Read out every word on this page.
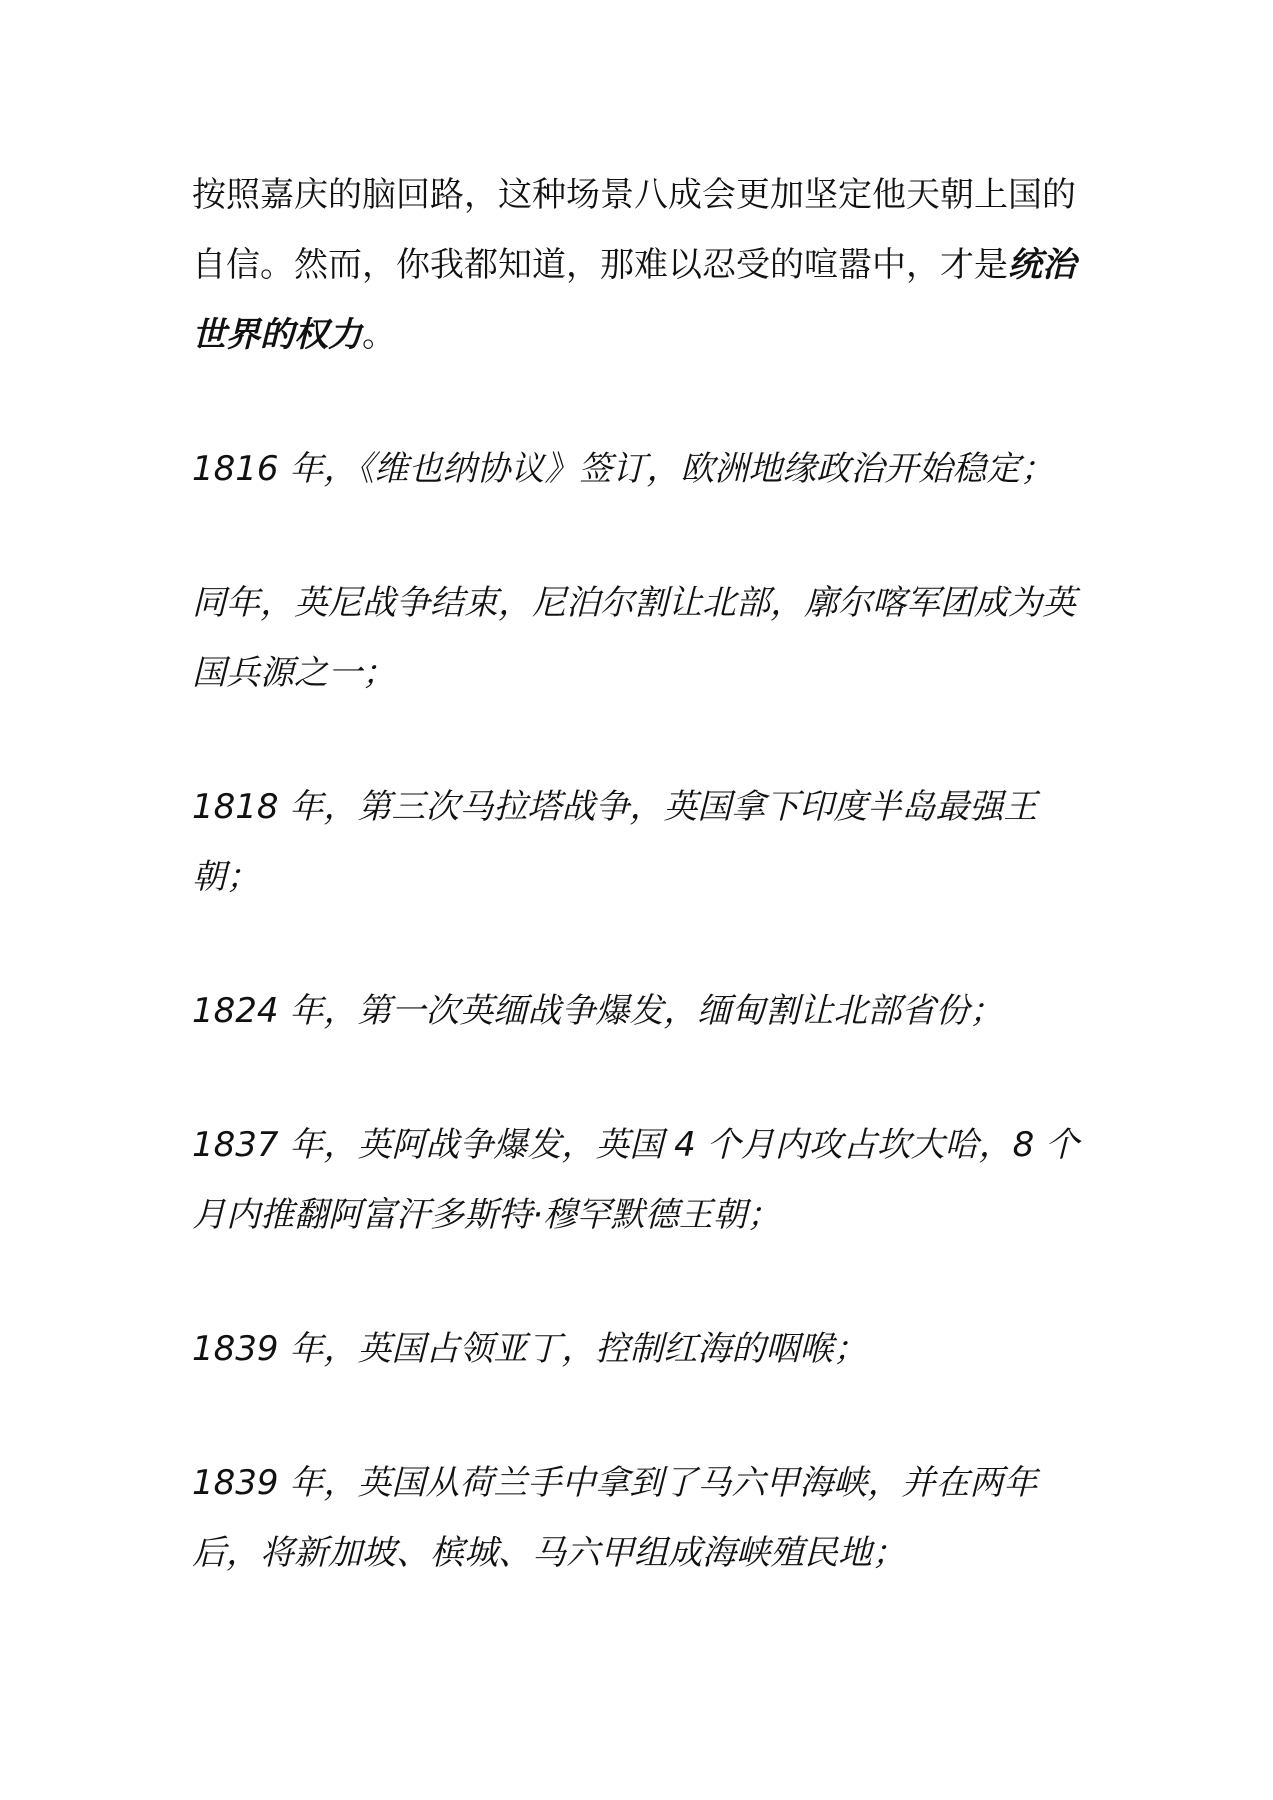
按照嘉庆的脑回路，这种场景八成会更加坚定他天朝上国的自信。然而，你我都知道，那难以忍受的喧嚣中，才是统治世界的权力。

1816 年，《维也纳协议》签订，欧洲地缘政治开始稳定；

同年，英尼战争结束，尼泊尔割让北部，廓尔喀军团成为英国兵源之一；

1818 年，第三次马拉塔战争，英国拿下印度半岛最强王朝；

1824 年，第一次英缅战争爆发，缅甸割让北部省份；

1837 年，英阿战争爆发，英国 4 个月内攻占坎大哈，8 个月内推翻阿富汗多斯特·穆罕默德王朝；

1839 年，英国占领亚丁，控制红海的咽喉；

1839 年，英国从荷兰手中拿到了马六甲海峡，并在两年后，将新加坡、槟城、马六甲组成海峡殖民地；
